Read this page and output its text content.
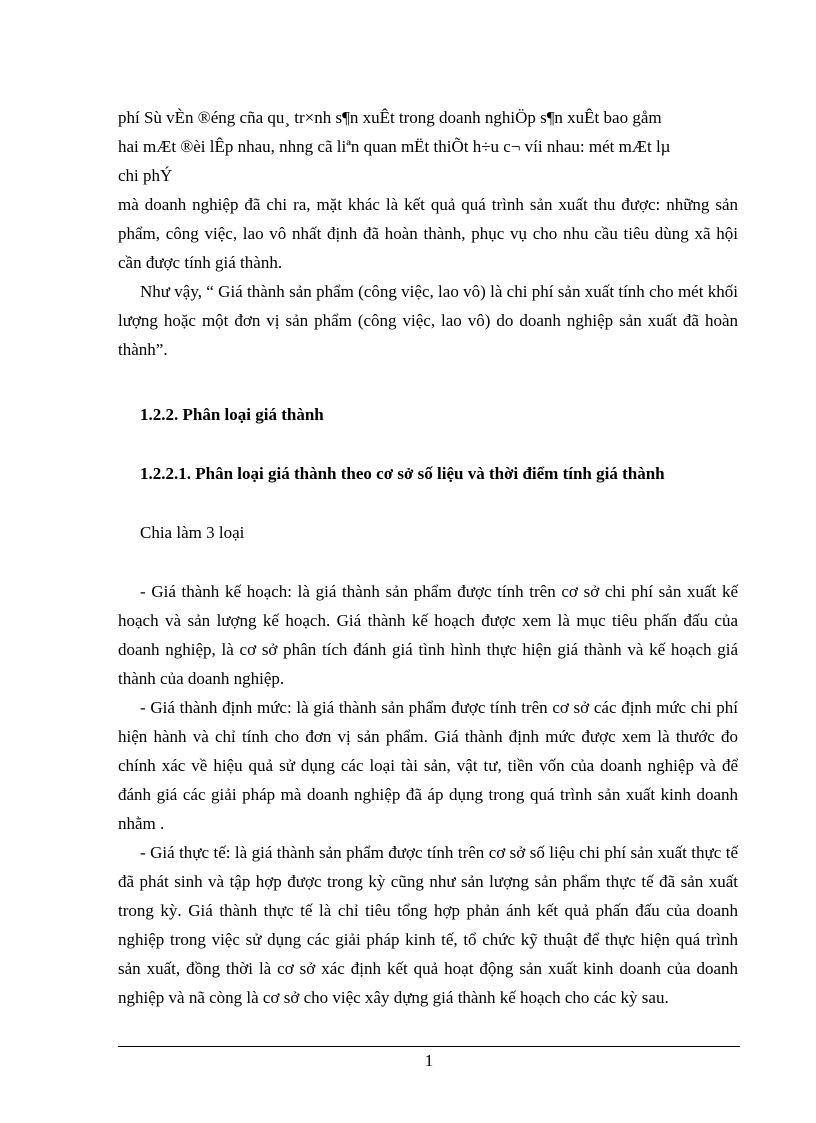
phí Sù vÈn ®éng cña qu¸ tr×nh s¶n xuÊt trong doanh nghiÖp s¶n xuÊt bao gåm

hai mÆt ®èi lÊp nhau, nhng cã liªn quan mËt thiÕt h÷u c¬ víi nhau: mét mÆt lµ

chi phÝ

mà doanh nghiệp đã chi ra, mặt khác là kết quả quá trình sản xuất thu được: những sản phẩm, công việc, lao vô nhất định đã hoàn thành, phục vụ cho nhu cầu tiêu dùng xã hội cần được tính giá thành.

Như vậy, “ Giá thành sản phẩm (công việc, lao vô) là chi phí sản xuất tính cho mét khối lượng hoặc một đơn vị sản phẩm (công việc, lao vô) do doanh nghiệp sản xuất đã hoàn thành”.

1.2.2. Phân loại giá thành

1.2.2.1. Phân loại giá thành theo cơ sở số liệu và thời điểm tính giá thành

Chia làm 3 loại

- Giá thành kế hoạch: là giá thành sản phẩm được tính trên cơ sở chi phí sản xuất kế hoạch và sản lượng kế hoạch. Giá thành kế hoạch được xem là mục tiêu phấn đấu của doanh nghiệp, là cơ sở phân tích đánh giá tình hình thực hiện giá thành và kế hoạch giá thành của doanh nghiệp.

- Giá thành định mức: là giá thành sản phẩm được tính trên cơ sở các định mức chi phí hiện hành và chỉ tính cho đơn vị sản phẩm. Giá thành định mức được xem là thước đo chính xác về hiệu quả sử dụng các loại tài sản, vật tư, tiền vốn của doanh nghiệp và để đánh giá các giải pháp mà doanh nghiệp đã áp dụng trong quá trình sản xuất kinh doanh nhằm .

- Giá thực tế: là giá thành sản phẩm được tính trên cơ sở số liệu chi phí sản xuất thực tế đã phát sinh và tập hợp được trong kỳ cũng như sản lượng sản phẩm thực tế đã sản xuất trong kỳ. Giá thành thực tế là chỉ tiêu tổng hợp phản ánh kết quả phấn đấu của doanh nghiệp trong việc sử dụng các giải pháp kinh tế, tổ chức kỹ thuật để thực hiện quá trình sản xuất, đồng thời là cơ sở xác định kết quả hoạt động sản xuất kinh doanh của doanh nghiệp và nã còng là cơ sở cho việc xây dựng giá thành kế hoạch cho các kỳ sau.

1
